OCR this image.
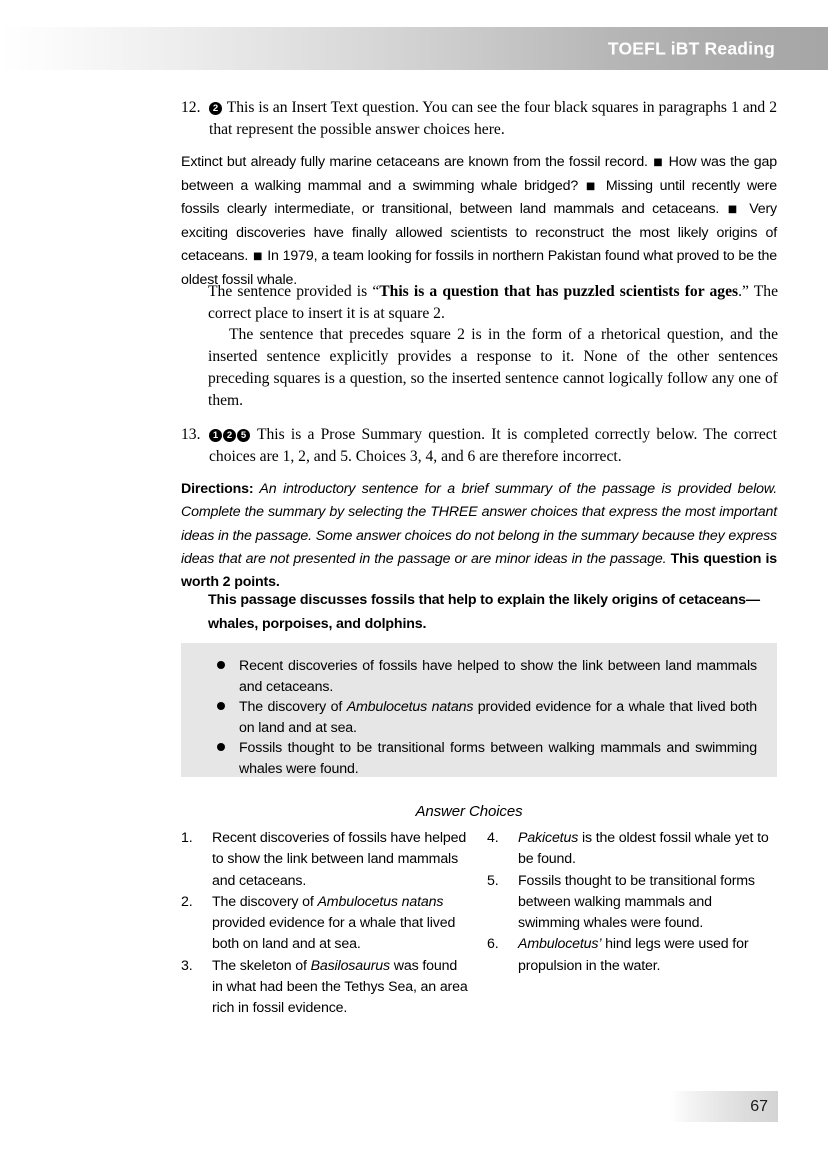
TOEFL iBT Reading
12.	2 This is an Insert Text question. You can see the four black squares in paragraphs 1 and 2 that represent the possible answer choices here.
Extinct but already fully marine cetaceans are known from the fossil record. ■ How was the gap between a walking mammal and a swimming whale bridged? ■ Missing until recently were fossils clearly intermediate, or transitional, between land mammals and cetaceans. ■ Very exciting discoveries have finally allowed scientists to reconstruct the most likely origins of cetaceans. ■ In 1979, a team looking for fossils in northern Pakistan found what proved to be the oldest fossil whale.

The sentence provided is “This is a question that has puzzled scientists for ages.” The correct place to insert it is at square 2.

The sentence that precedes square 2 is in the form of a rhetorical question, and the inserted sentence explicitly provides a response to it. None of the other sentences preceding squares is a question, so the inserted sentence cannot logically follow any one of them.

13.	1 2 5 This is a Prose Summary question. It is completed correctly below. The correct choices are 1, 2, and 5. Choices 3, 4, and 6 are therefore incorrect.
Directions: An introductory sentence for a brief summary of the passage is provided below. Complete the summary by selecting the THREE answer choices that express the most important ideas in the passage. Some answer choices do not belong in the summary because they express ideas that are not presented in the passage or are minor ideas in the passage. This question is worth 2 points.
This passage discusses fossils that help to explain the likely origins of cetaceans—whales, porpoises, and dolphins.
Recent discoveries of fossils have helped to show the link between land mammals and cetaceans.
The discovery of Ambulocetus natans provided evidence for a whale that lived both on land and at sea.
Fossils thought to be transitional forms between walking mammals and swimming whales were found.
Answer Choices
1.	Recent discoveries of fossils have helped to show the link between land mammals and cetaceans.
2.	The discovery of Ambulocetus natans provided evidence for a whale that lived both on land and at sea.
3.	The skeleton of Basilosaurus was found in what had been the Tethys Sea, an area rich in fossil evidence.
4.	Pakicetus is the oldest fossil whale yet to be found.
5.	Fossils thought to be transitional forms between walking mammals and swimming whales were found.
6.	Ambulocetus’ hind legs were used for propulsion in the water.
67
